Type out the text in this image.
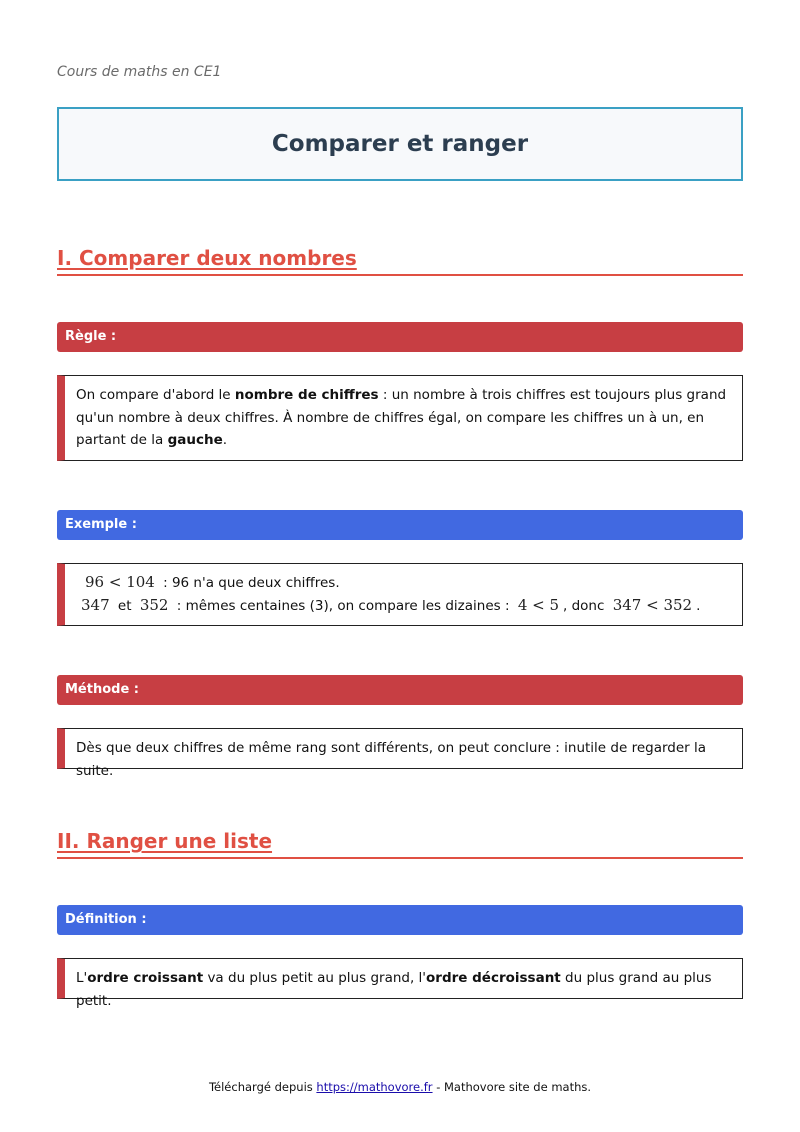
Cours de maths en CE1
Comparer et ranger
I. Comparer deux nombres
Règle :
On compare d'abord le nombre de chiffres : un nombre à trois chiffres est toujours plus grand qu'un nombre à deux chiffres. À nombre de chiffres égal, on compare les chiffres un à un, en partant de la gauche.
Exemple :
96 < 104 : 96 n'a que deux chiffres.
347 et 352 : mêmes centaines (3), on compare les dizaines : 4 < 5 , donc 347 < 352 .
Méthode :
Dès que deux chiffres de même rang sont différents, on peut conclure : inutile de regarder la suite.
II. Ranger une liste
Définition :
L'ordre croissant va du plus petit au plus grand, l'ordre décroissant du plus grand au plus petit.
Téléchargé depuis https://mathovore.fr - Mathovore site de maths.
